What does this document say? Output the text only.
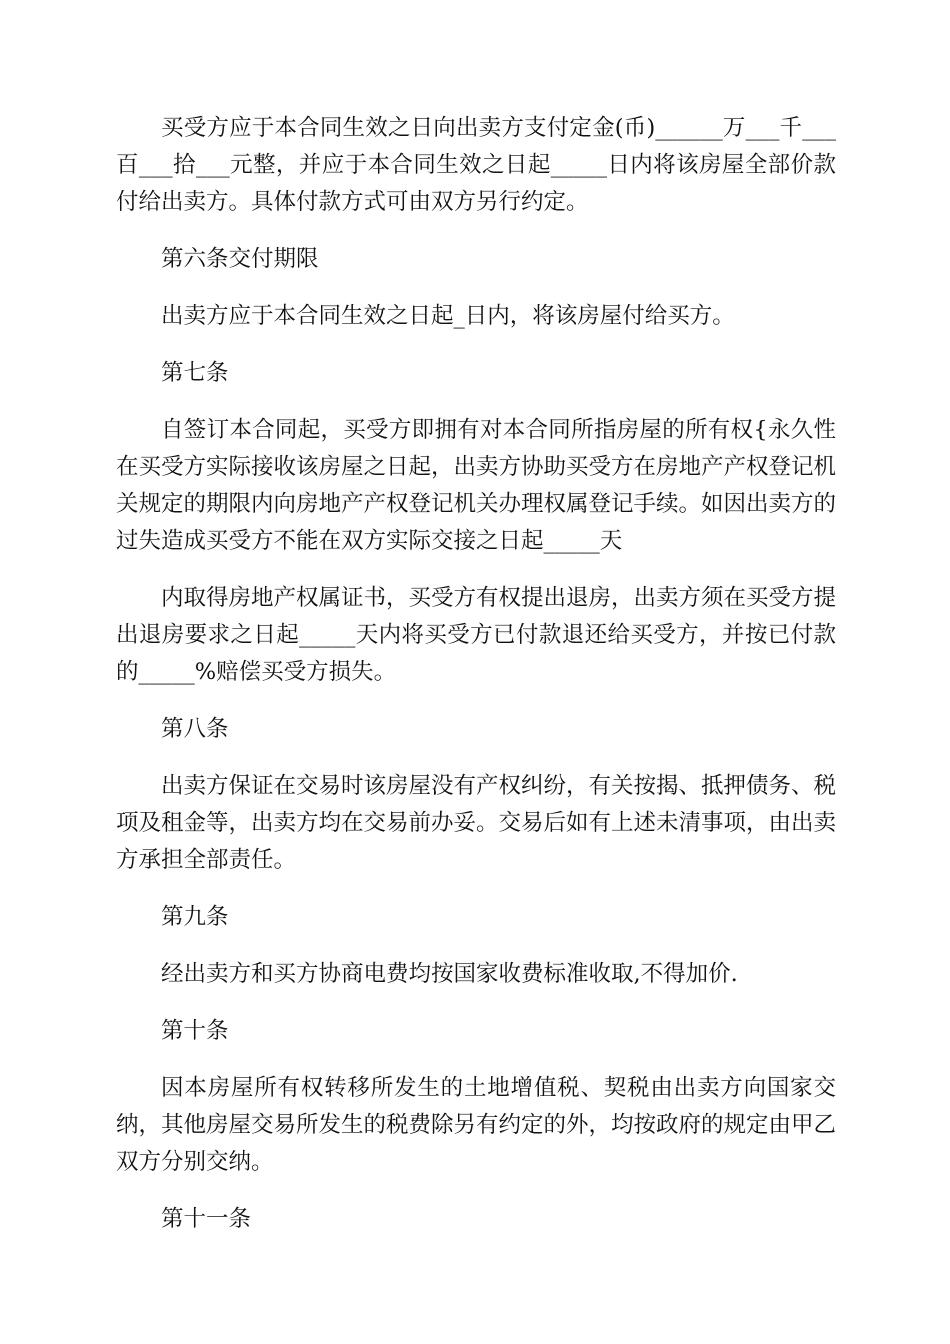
买受方应于本合同生效之日向出卖方支付定金(币)______万___千___百___拾___元整，并应于本合同生效之日起_____日内将该房屋全部价款付给出卖方。具体付款方式可由双方另行约定。

第六条交付期限

出卖方应于本合同生效之日起_日内，将该房屋付给买方。

第七条

自签订本合同起，买受方即拥有对本合同所指房屋的所有权{永久性在买受方实际接收该房屋之日起，出卖方协助买受方在房地产产权登记机关规定的期限内向房地产产权登记机关办理权属登记手续。如因出卖方的过失造成买受方不能在双方实际交接之日起_____天

内取得房地产权属证书，买受方有权提出退房，出卖方须在买受方提出退房要求之日起_____天内将买受方已付款退还给买受方，并按已付款的_____%赔偿买受方损失。

第八条

出卖方保证在交易时该房屋没有产权纠纷，有关按揭、抵押债务、税项及租金等，出卖方均在交易前办妥。交易后如有上述未清事项，由出卖方承担全部责任。

第九条

经出卖方和买方协商电费均按国家收费标准收取,不得加价.

第十条

因本房屋所有权转移所发生的土地增值税、契税由出卖方向国家交纳，其他房屋交易所发生的税费除另有约定的外，均按政府的规定由甲乙双方分别交纳。

第十一条
